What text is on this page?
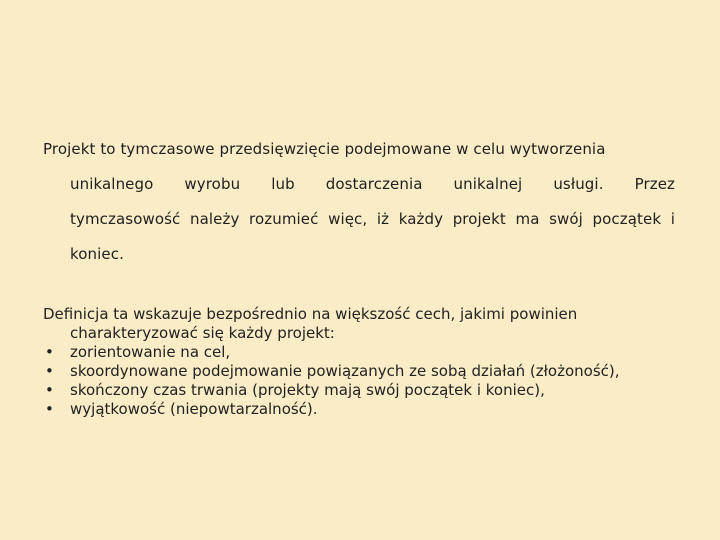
Projekt to tymczasowe przedsięwzięcie podejmowane w celu wytworzenia
unikalnego wyrobu lub dostarczenia unikalnej usługi. Przez
tymczasowość należy rozumieć więc, iż każdy projekt ma swój początek i
koniec.
Definicja ta wskazuje bezpośrednio na większość cech, jakimi powinien
charakteryzować się każdy projekt:
• zorientowanie na cel,
• skoordynowane podejmowanie powiązanych ze sobą działań (złożoność),
• skończony czas trwania (projekty mają swój początek i koniec),
• wyjątkowość (niepowtarzalność).
